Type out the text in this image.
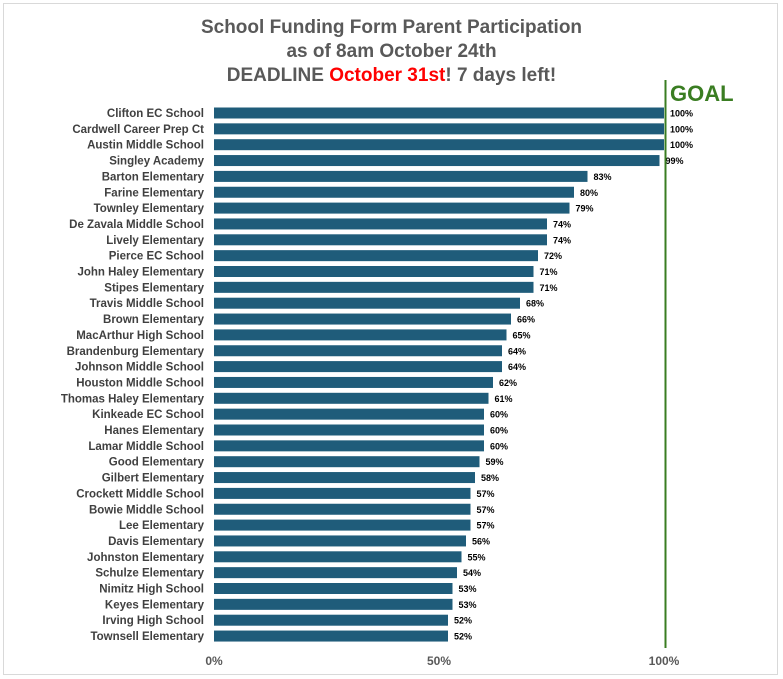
School Funding Form Parent Participation
as of 8am October 24th
DEADLINE October 31st! 7 days left!
Clifton EC School
Cardwell Career Prep Ct
Austin Middle School
Singley Academy
Barton Elementary
Farine Elementary
Townley Elementary
De Zavala Middle School
Lively Elementary
Pierce EC School
John Haley Elementary
Stipes Elementary
Travis Middle School
Brown Elementary
MacArthur High School
Brandenburg Elementary
Johnson Middle School
Houston Middle School
Thomas Haley Elementary
Kinkeade EC School
Hanes Elementary
Lamar Middle School
Good Elementary
Gilbert Elementary
Crockett Middle School
Bowie Middle School
Lee Elementary
Davis Elementary
Johnston Elementary
Schulze Elementary
Nimitz High School
Keyes Elementary
Irving High School
Townsell Elementary
100%
100%
100%
99%
83%
80%
79%
74%
74%
72%
71%
71%
68%
66%
65%
64%
64%
62%
61%
60%
60%
60%
59%
58%
57%
57%
57%
56%
55%
54%
53%
53%
52%
52%
0%	50%	100%
GOAL
